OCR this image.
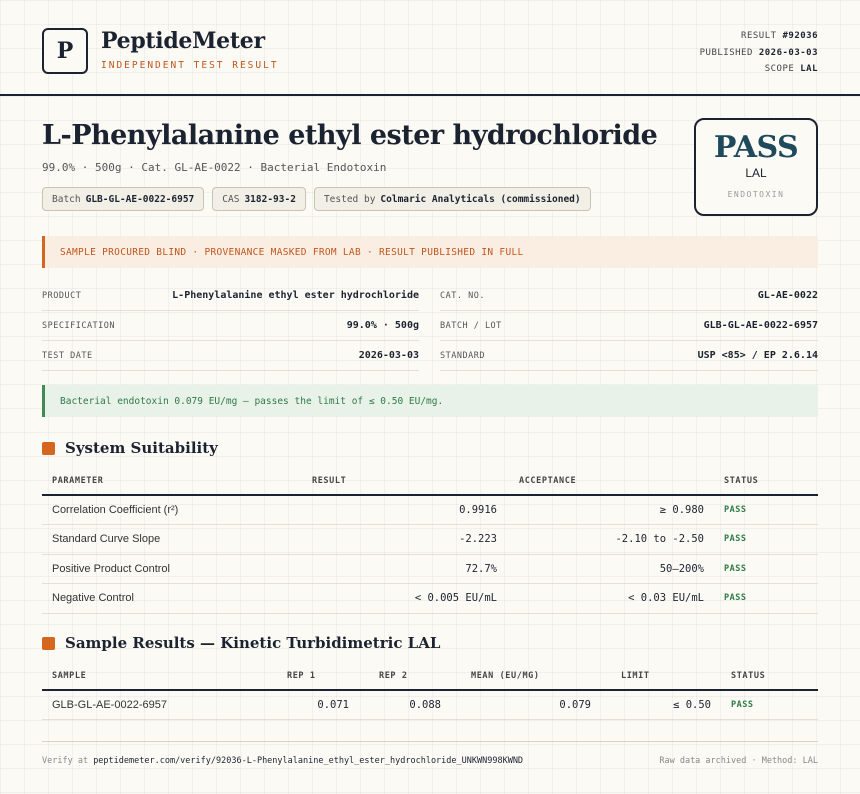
P	PeptideMeter
INDEPENDENT TEST RESULT
RESULT #92036
PUBLISHED 2026-03-03
SCOPE LAL
L-Phenylalanine ethyl ester hydrochloride
99.0% · 500g · Cat. GL-AE-0022 · Bacterial Endotoxin
Batch GLB-GL-AE-0022-6957	CAS 3182-93-2	Tested by Colmaric Analyticals (commissioned)
PASS
LAL
ENDOTOXIN
SAMPLE PROCURED BLIND · PROVENANCE MASKED FROM LAB · RESULT PUBLISHED IN FULL
PRODUCT	L-Phenylalanine ethyl ester hydrochloride
SPECIFICATION	99.0% · 500g
TEST DATE	2026-03-03
CAT. NO.	GL-AE-0022
BATCH / LOT	GLB-GL-AE-0022-6957
STANDARD	USP <85> / EP 2.6.14
Bacterial endotoxin 0.079 EU/mg — passes the limit of ≤ 0.50 EU/mg.
System Suitability
PARAMETER	RESULT	ACCEPTANCE	STATUS
Correlation Coefficient (r²)	0.9916	≥ 0.980	PASS
Standard Curve Slope	-2.223	-2.10 to -2.50	PASS
Positive Product Control	72.7%	50–200%	PASS
Negative Control	< 0.005 EU/mL	< 0.03 EU/mL	PASS
Sample Results — Kinetic Turbidimetric LAL
SAMPLE	REP 1	REP 2	MEAN (EU/MG)	LIMIT	STATUS
GLB-GL-AE-0022-6957	0.071	0.088	0.079	≤ 0.50	PASS
Verify at peptidemeter.com/verify/92036-L-Phenylalanine_ethyl_ester_hydrochloride_UNKWN998KWND	Raw data archived · Method: LAL
